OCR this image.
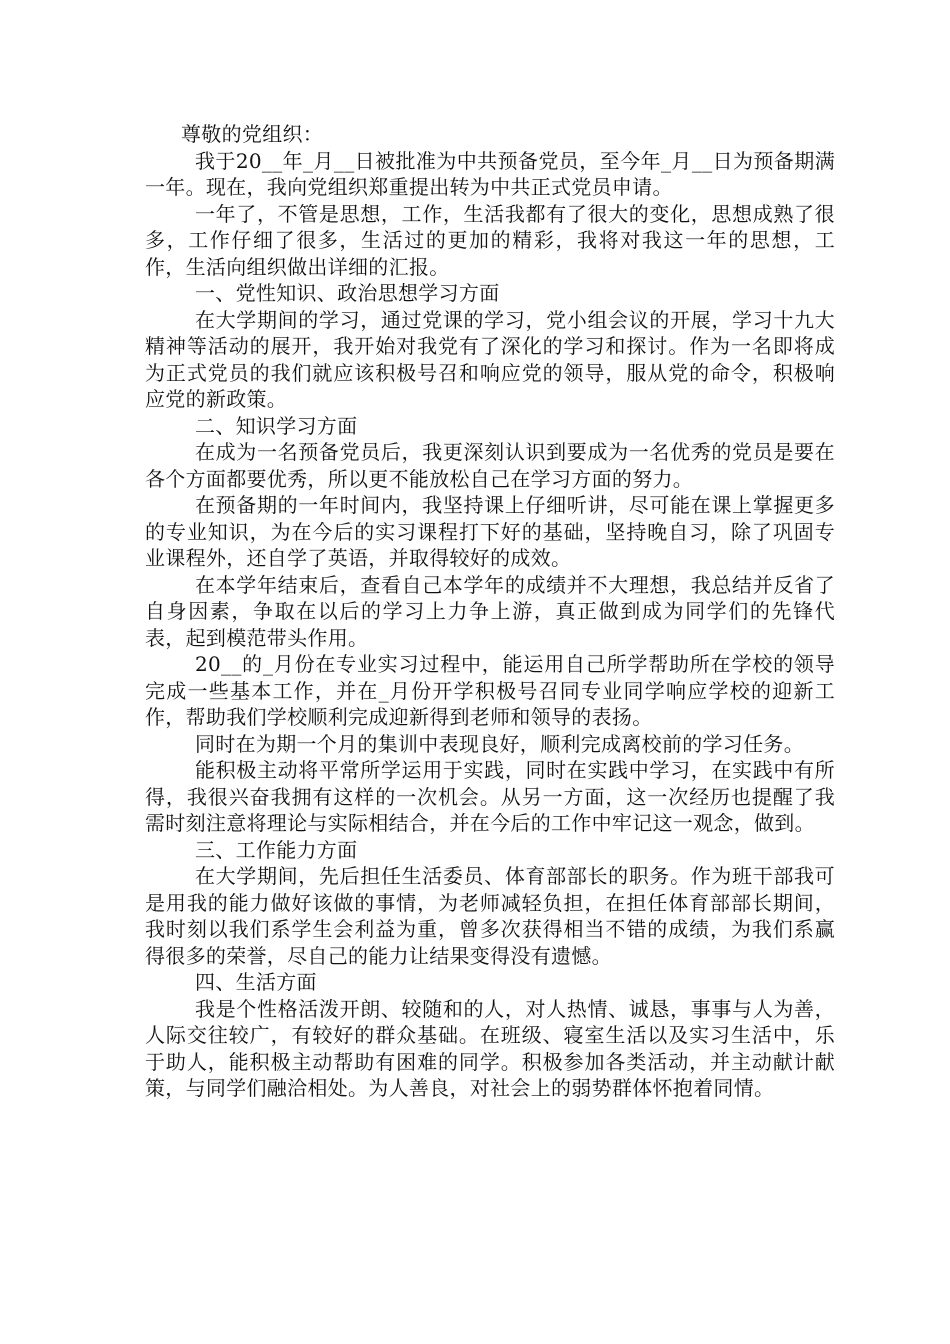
尊敬的党组织：

我于20__年_月__日被批准为中共预备党员，至今年_月__日为预备期满一年。现在，我向党组织郑重提出转为中共正式党员申请。

一年了，不管是思想，工作，生活我都有了很大的变化，思想成熟了很多，工作仔细了很多，生活过的更加的精彩，我将对我这一年的思想，工作，生活向组织做出详细的汇报。

一、党性知识、政治思想学习方面

在大学期间的学习，通过党课的学习，党小组会议的开展，学习十九大精神等活动的展开，我开始对我党有了深化的学习和探讨。作为一名即将成为正式党员的我们就应该积极号召和响应党的领导，服从党的命令，积极响应党的新政策。

二、知识学习方面

在成为一名预备党员后，我更深刻认识到要成为一名优秀的党员是要在各个方面都要优秀，所以更不能放松自己在学习方面的努力。

在预备期的一年时间内，我坚持课上仔细听讲，尽可能在课上掌握更多的专业知识，为在今后的实习课程打下好的基础，坚持晚自习，除了巩固专业课程外，还自学了英语，并取得较好的成效。

在本学年结束后，查看自己本学年的成绩并不大理想，我总结并反省了自身因素，争取在以后的学习上力争上游，真正做到成为同学们的先锋代表，起到模范带头作用。

20__的_月份在专业实习过程中，能运用自己所学帮助所在学校的领导完成一些基本工作，并在_月份开学积极号召同专业同学响应学校的迎新工作，帮助我们学校顺利完成迎新得到老师和领导的表扬。

同时在为期一个月的集训中表现良好，顺利完成离校前的学习任务。

能积极主动将平常所学运用于实践，同时在实践中学习，在实践中有所得，我很兴奋我拥有这样的一次机会。从另一方面，这一次经历也提醒了我需时刻注意将理论与实际相结合，并在今后的工作中牢记这一观念，做到。

三、工作能力方面

在大学期间，先后担任生活委员、体育部部长的职务。作为班干部我可是用我的能力做好该做的事情，为老师减轻负担，在担任体育部部长期间，我时刻以我们系学生会利益为重，曾多次获得相当不错的成绩，为我们系赢得很多的荣誉，尽自己的能力让结果变得没有遗憾。

四、生活方面

我是个性格活泼开朗、较随和的人，对人热情、诚恳，事事与人为善，人际交往较广，有较好的群众基础。在班级、寝室生活以及实习生活中，乐于助人，能积极主动帮助有困难的同学。积极参加各类活动，并主动献计献策，与同学们融洽相处。为人善良，对社会上的弱势群体怀抱着同情。
